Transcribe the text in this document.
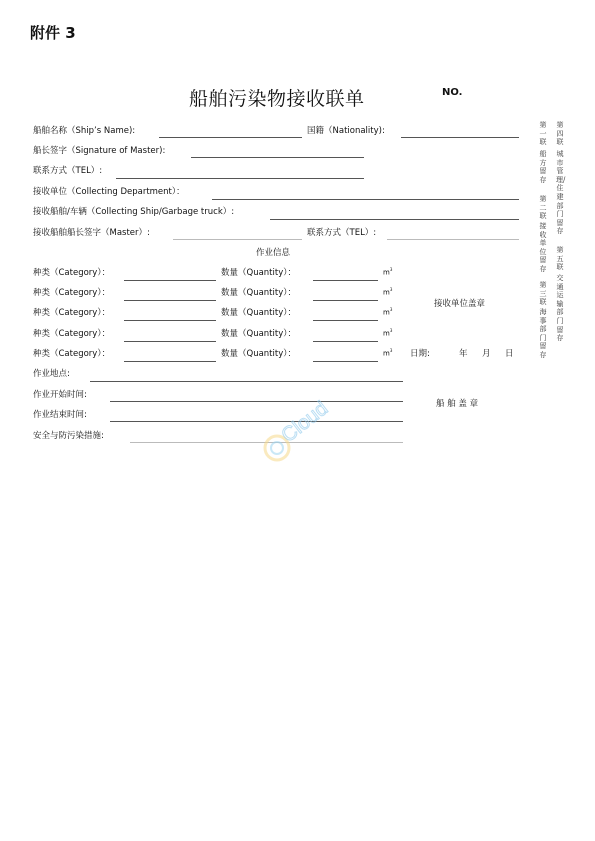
附件 3
船舶污染物接收联单	NO.
船舶名称（Ship’s Name):	国籍（Nationality):
船长签字（Signature of Master):
联系方式（TEL）:
接收单位（Collecting Department）：
接收船舶/车辆（Collecting Ship/Garbage truck）:
接收船舶船长签字（Master）:	联系方式（TEL）:
作业信息
种类（Category）：	数量（Quantity）：	$m^3$
种类（Category）：	数量（Quantity）：	$m^3$
种类（Category）：	数量（Quantity）：	$m^3$
种类（Category）：	数量（Quantity）：	$m^3$
种类（Category）：	数量（Quantity）：	$m^3$
接收单位盖章
日期:	年 月 日
作业地点:
作业开始时间:
作业结束时间:
安全与防污染措施:
船 舶 盖 章
第一联
船方留存
第四联
城市管理/住建部门留存
第二联
接收单位留存
第五联
交通运输部门留存
第三联
海事部门留存
Cloud
